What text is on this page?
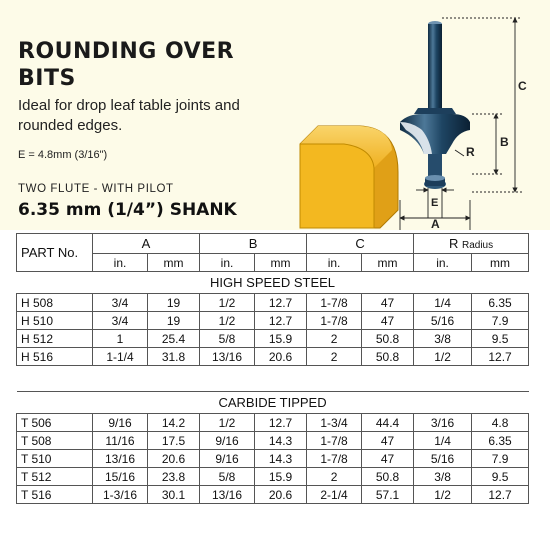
ROUNDING OVER
BITS
Ideal for drop leaf table joints and rounded edges.
E = 4.8mm (3/16")
TWO FLUTE - WITH PILOT
6.35 mm (1/4”) SHANK
C
B
R
E
A
PART No.	A		B		C		R Radius	
	in.	mm	in.	mm	in.	mm	in.	mm
HIGH SPEED STEEL								
H 508	3/4	19	1/2	12.7	1-7/8	47	1/4	6.35
H 510	3/4	19	1/2	12.7	1-7/8	47	5/16	7.9
H 512	1	25.4	5/8	15.9	2	50.8	3/8	9.5
H 516	1-1/4	31.8	13/16	20.6	2	50.8	1/2	12.7

CARBIDE TIPPED								
T 506	9/16	14.2	1/2	12.7	1-3/4	44.4	3/16	4.8
T 508	11/16	17.5	9/16	14.3	1-7/8	47	1/4	6.35
T 510	13/16	20.6	9/16	14.3	1-7/8	47	5/16	7.9
T 512	15/16	23.8	5/8	15.9	2	50.8	3/8	9.5
T 516	1-3/16	30.1	13/16	20.6	2-1/4	57.1	1/2	12.7
